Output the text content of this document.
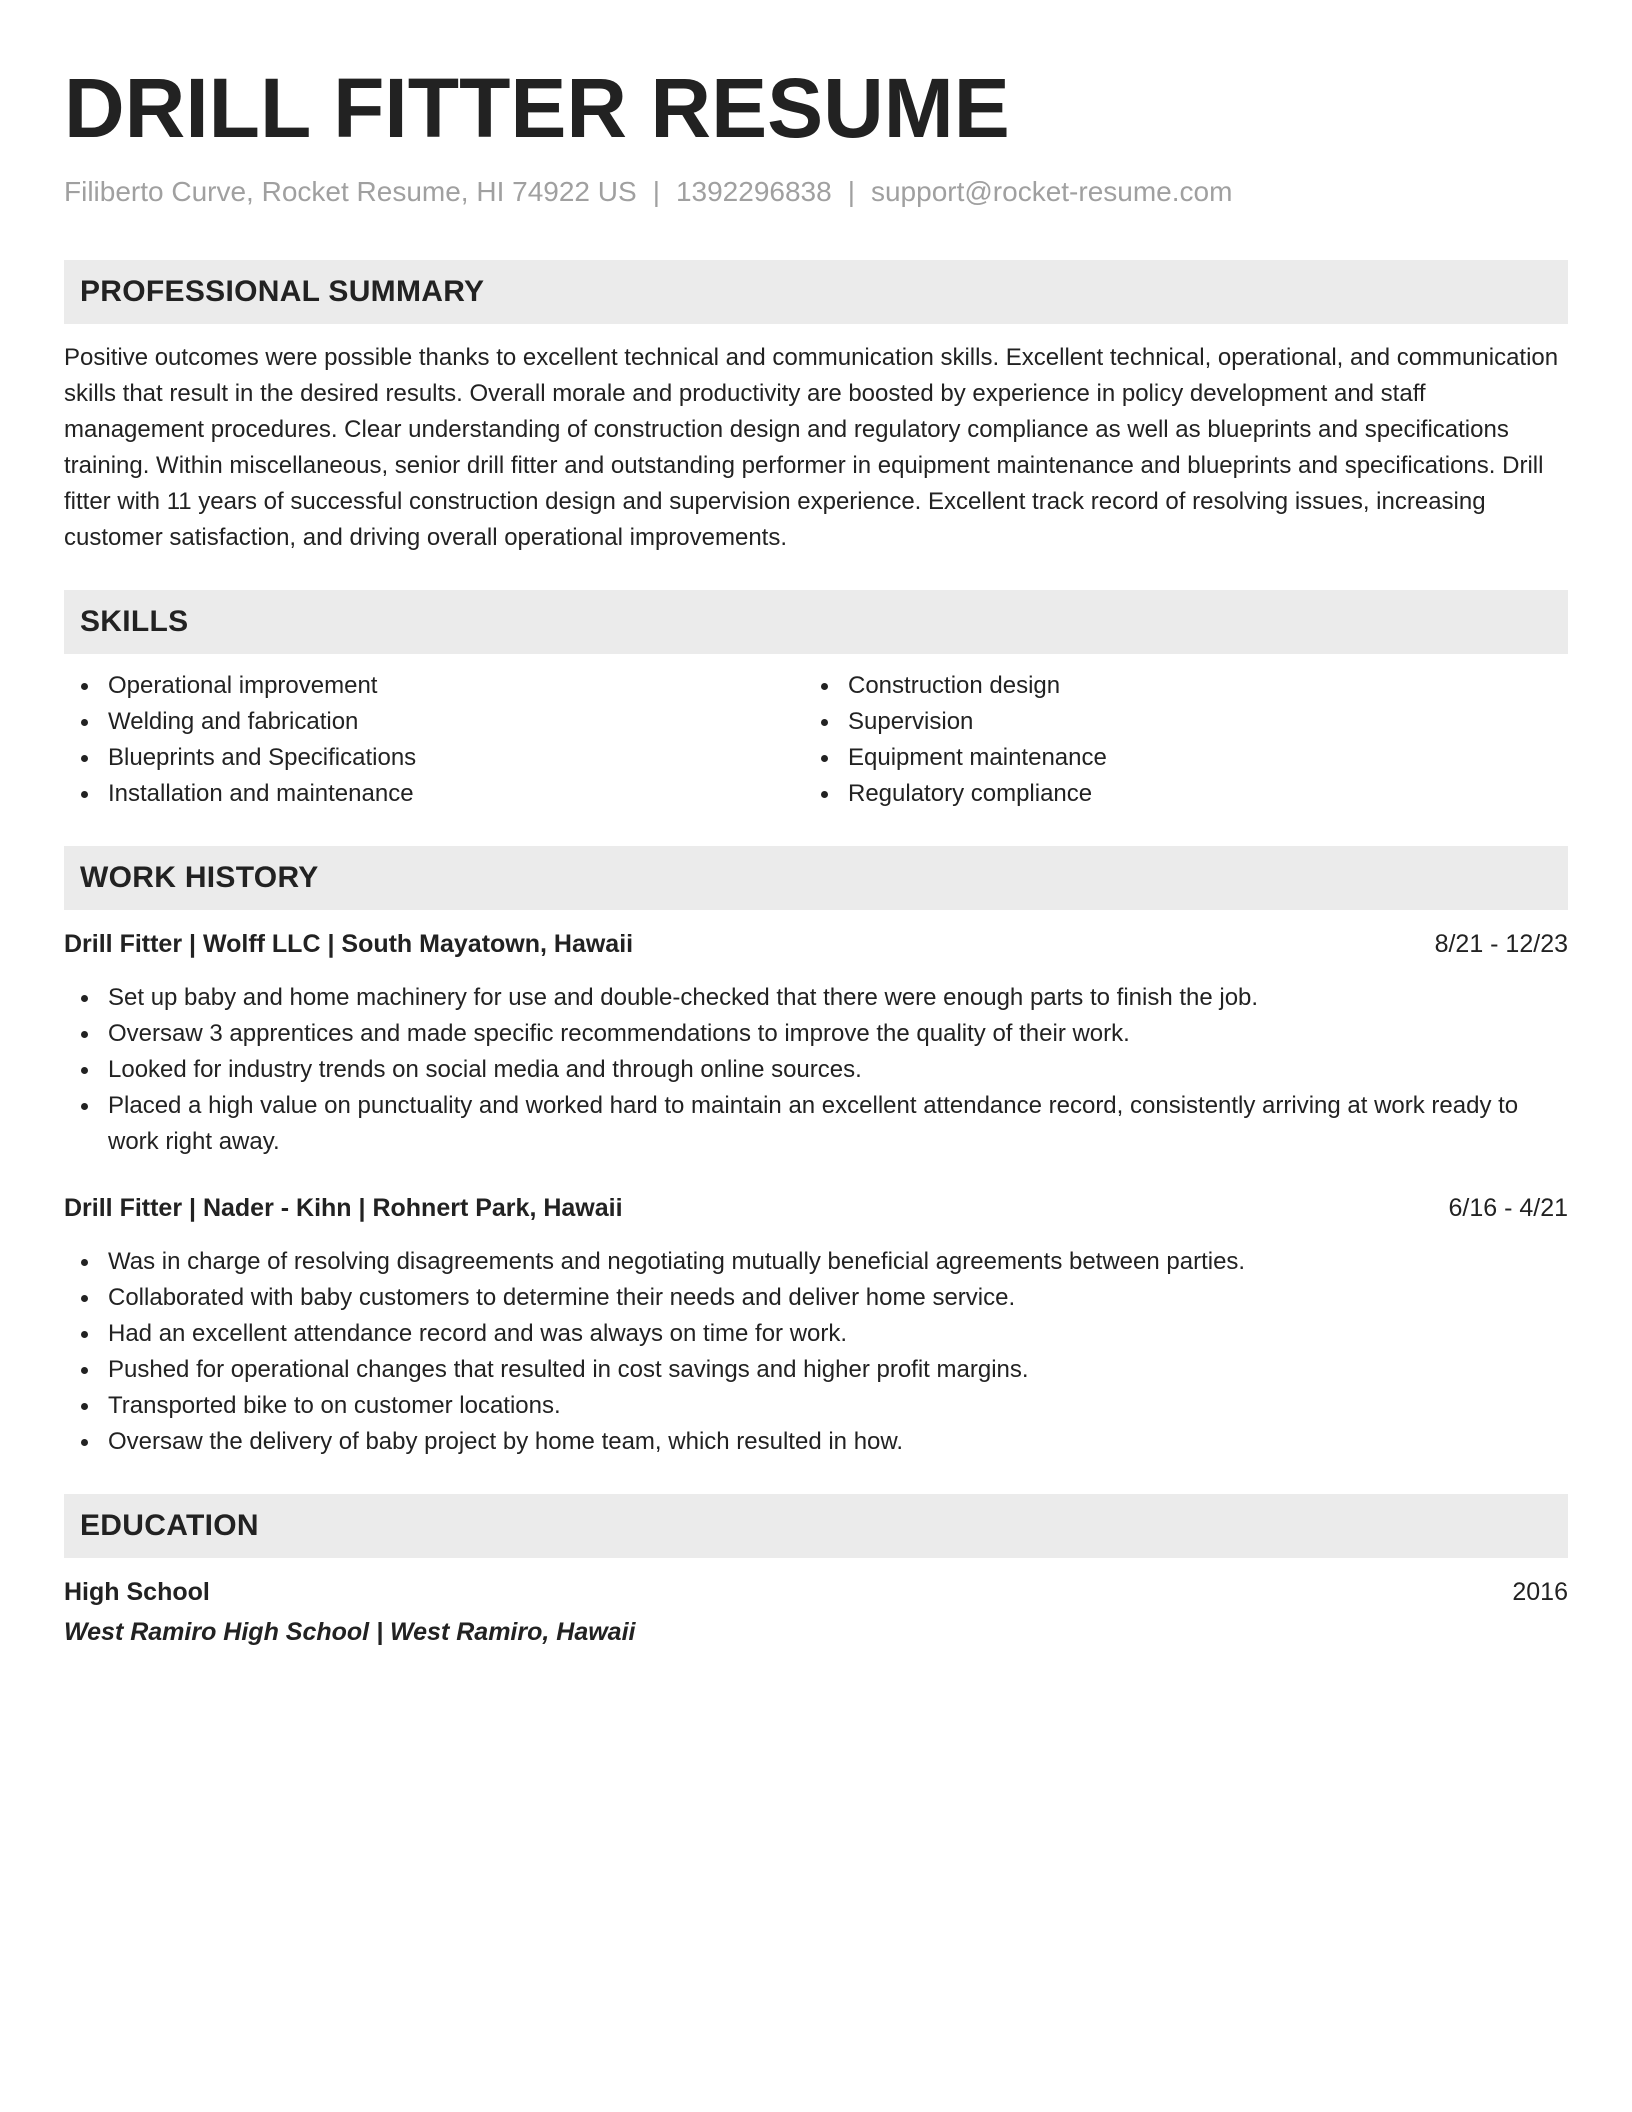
DRILL FITTER RESUME
Filiberto Curve, Rocket Resume, HI 74922 US | 1392296838 | support@rocket-resume.com
PROFESSIONAL SUMMARY
Positive outcomes were possible thanks to excellent technical and communication skills. Excellent technical, operational, and communication skills that result in the desired results. Overall morale and productivity are boosted by experience in policy development and staff management procedures. Clear understanding of construction design and regulatory compliance as well as blueprints and specifications training. Within miscellaneous, senior drill fitter and outstanding performer in equipment maintenance and blueprints and specifications. Drill fitter with 11 years of successful construction design and supervision experience. Excellent track record of resolving issues, increasing customer satisfaction, and driving overall operational improvements.
SKILLS
Operational improvement
Welding and fabrication
Blueprints and Specifications
Installation and maintenance
Construction design
Supervision
Equipment maintenance
Regulatory compliance
WORK HISTORY
Drill Fitter | Wolff LLC | South Mayatown, Hawaii	8/21 - 12/23
Set up baby and home machinery for use and double-checked that there were enough parts to finish the job.
Oversaw 3 apprentices and made specific recommendations to improve the quality of their work.
Looked for industry trends on social media and through online sources.
Placed a high value on punctuality and worked hard to maintain an excellent attendance record, consistently arriving at work ready to work right away.
Drill Fitter | Nader - Kihn | Rohnert Park, Hawaii	6/16 - 4/21
Was in charge of resolving disagreements and negotiating mutually beneficial agreements between parties.
Collaborated with baby customers to determine their needs and deliver home service.
Had an excellent attendance record and was always on time for work.
Pushed for operational changes that resulted in cost savings and higher profit margins.
Transported bike to on customer locations.
Oversaw the delivery of baby project by home team, which resulted in how.
EDUCATION
High School	2016
West Ramiro High School | West Ramiro, Hawaii
